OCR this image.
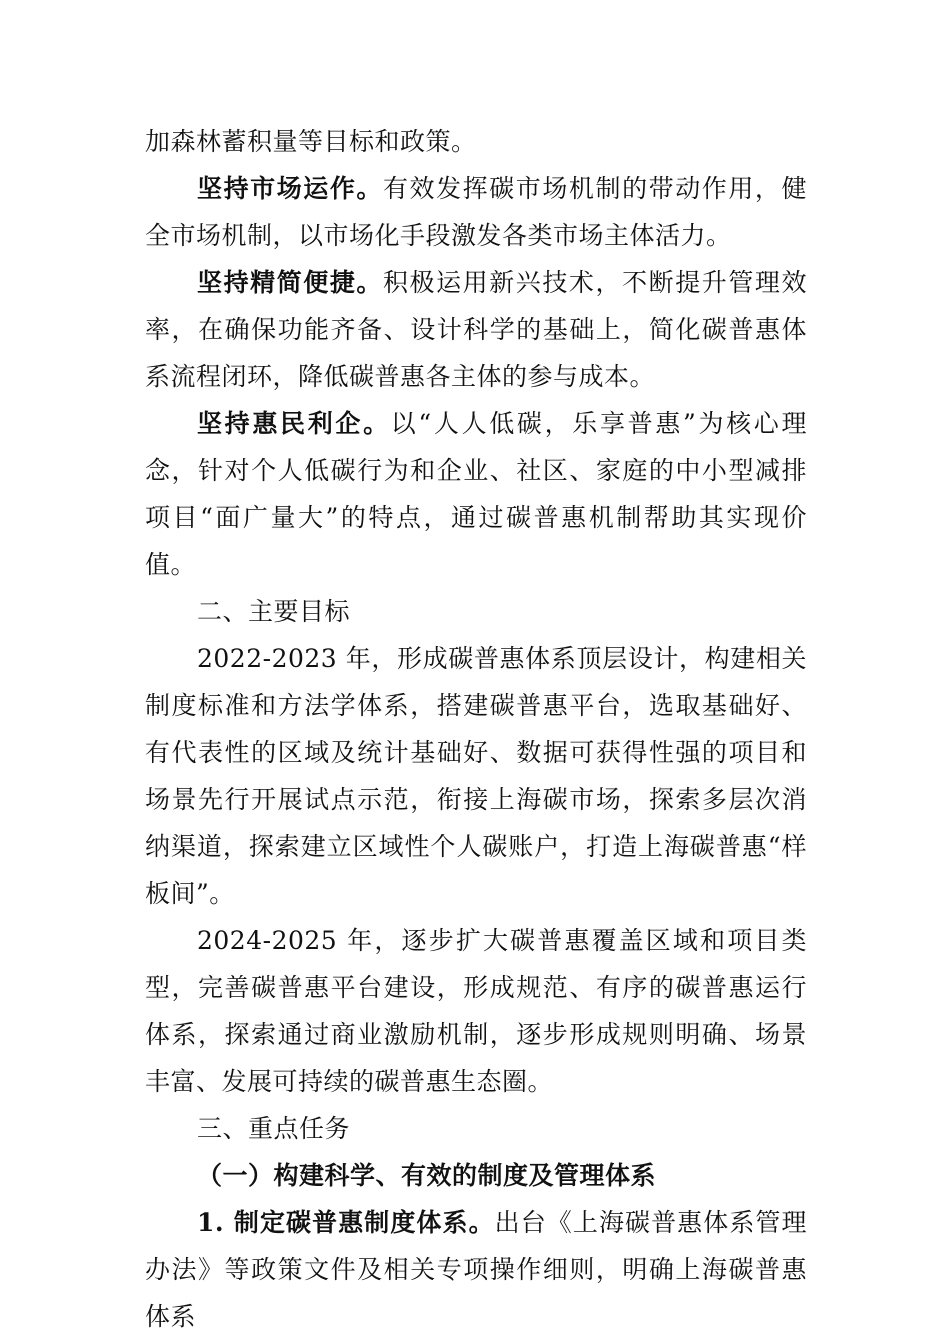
加森林蓄积量等目标和政策。

坚持市场运作。有效发挥碳市场机制的带动作用，健全市场机制，以市场化手段激发各类市场主体活力。

坚持精简便捷。积极运用新兴技术，不断提升管理效率，在确保功能齐备、设计科学的基础上，简化碳普惠体系流程闭环，降低碳普惠各主体的参与成本。

坚持惠民利企。以“人人低碳，乐享普惠”为核心理念，针对个人低碳行为和企业、社区、家庭的中小型减排项目“面广量大”的特点，通过碳普惠机制帮助其实现价值。

二、主要目标

2022-2023 年，形成碳普惠体系顶层设计，构建相关制度标准和方法学体系，搭建碳普惠平台，选取基础好、有代表性的区域及统计基础好、数据可获得性强的项目和场景先行开展试点示范，衔接上海碳市场，探索多层次消纳渠道，探索建立区域性个人碳账户，打造上海碳普惠“样板间”。

2024-2025 年，逐步扩大碳普惠覆盖区域和项目类型，完善碳普惠平台建设，形成规范、有序的碳普惠运行体系，探索通过商业激励机制，逐步形成规则明确、场景丰富、发展可持续的碳普惠生态圈。

三、重点任务

（一）构建科学、有效的制度及管理体系

1. 制定碳普惠制度体系。出台《上海碳普惠体系管理办法》等政策文件及相关专项操作细则，明确上海碳普惠体系
